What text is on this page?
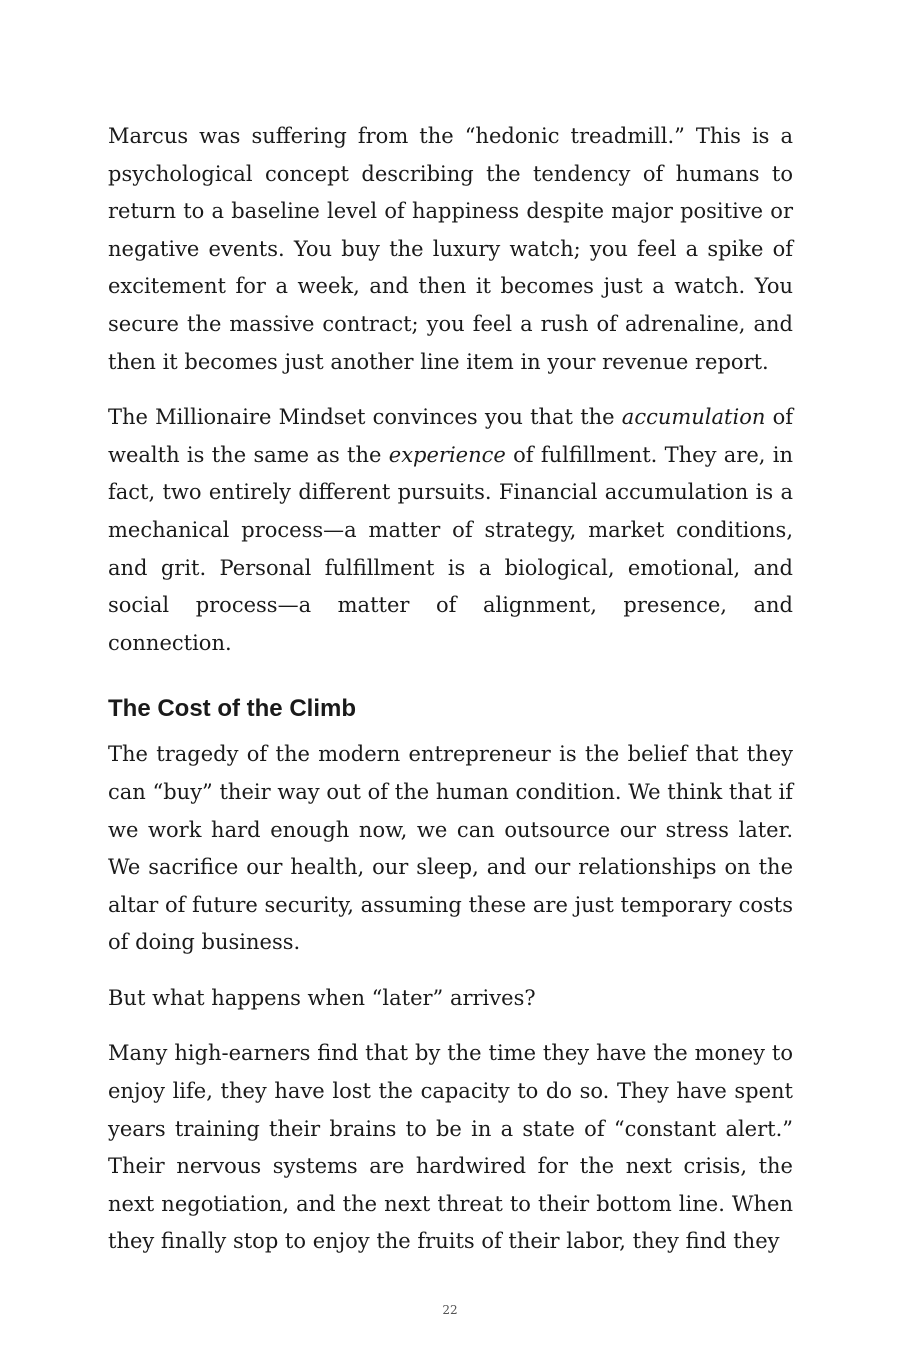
Marcus was suffering from the “hedonic treadmill.” This is a psychological concept describing the tendency of humans to return to a baseline level of happiness despite major positive or negative events. You buy the luxury watch; you feel a spike of excitement for a week, and then it becomes just a watch. You secure the massive contract; you feel a rush of adrenaline, and then it becomes just another line item in your revenue report.

The Millionaire Mindset convinces you that the accumulation of wealth is the same as the experience of fulfillment. They are, in fact, two entirely different pursuits. Financial accumulation is a mechanical process—a matter of strategy, market conditions, and grit. Personal fulfillment is a biological, emotional, and social process—a matter of alignment, presence, and connection.

The Cost of the Climb

The tragedy of the modern entrepreneur is the belief that they can “buy” their way out of the human condition. We think that if we work hard enough now, we can outsource our stress later. We sacrifice our health, our sleep, and our relationships on the altar of future security, assuming these are just temporary costs of doing business.

But what happens when “later” arrives?

Many high-earners find that by the time they have the money to enjoy life, they have lost the capacity to do so. They have spent years training their brains to be in a state of “constant alert.” Their nervous systems are hardwired for the next crisis, the next negotiation, and the next threat to their bottom line. When they finally stop to enjoy the fruits of their labor, they find they

22
